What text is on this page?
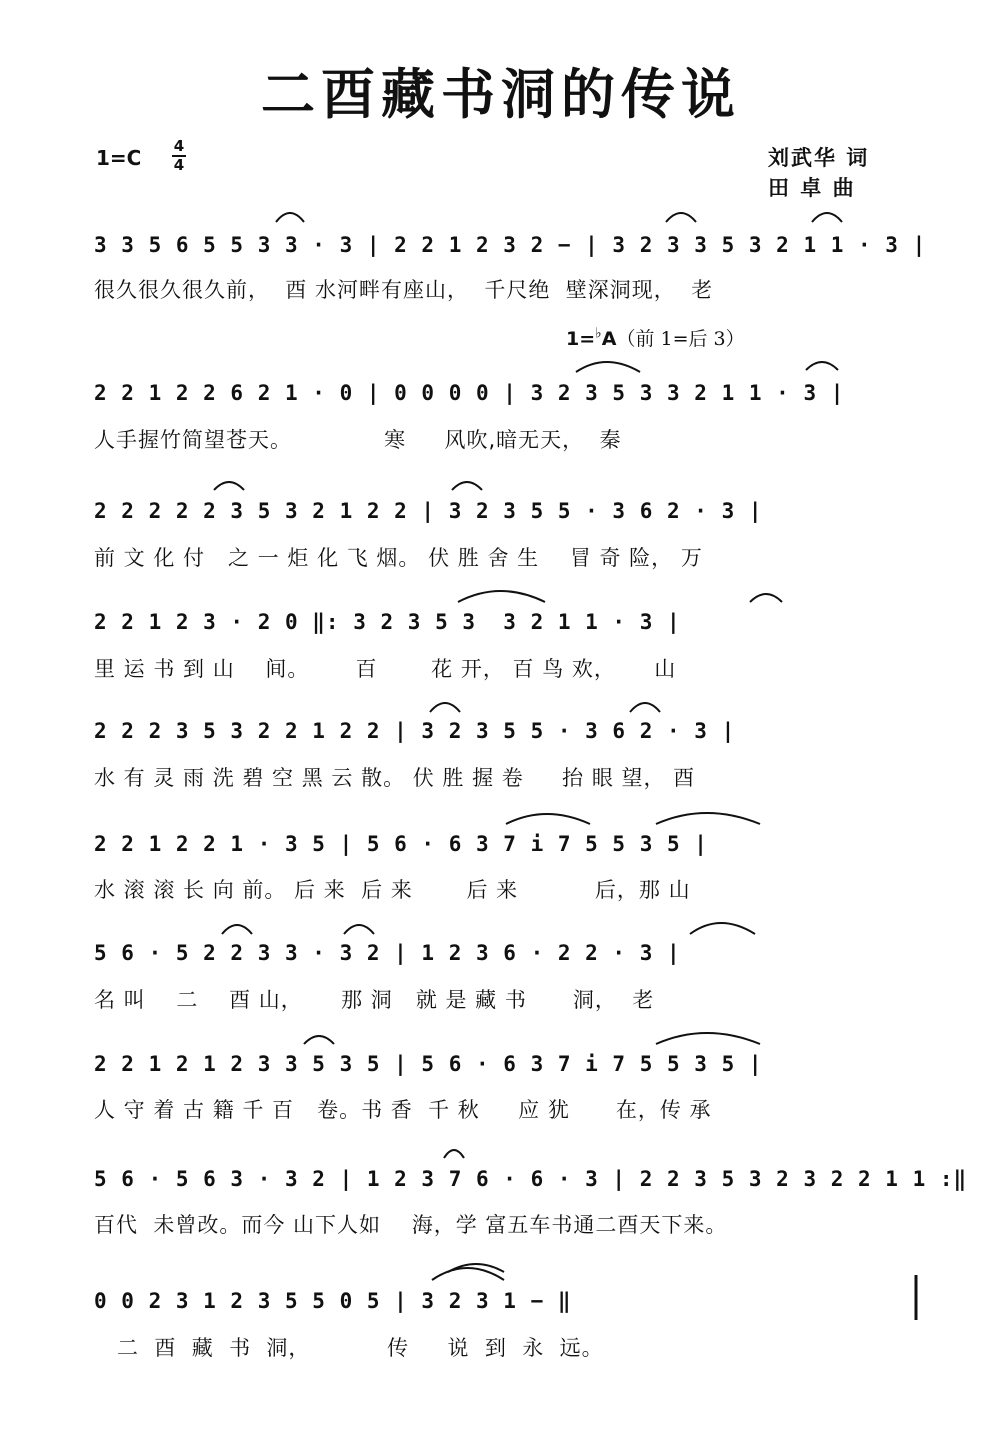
二酉藏书洞的传说
1=C 4
4	刘武华 词
田 卓 曲
1=♭A（前 1=后 3）
3 3 5 6 5 5 3 3 · 3 | 2 2 1 2 3 2 − | 3 2 3 3 5 3 2 1 1 · 3 |
很久很久很久前，  酉 水河畔有座山，  千尺绝  壁深洞现，  老
2 2 1 2 2 6 2 1 · 0 | 0 0 0 0 | 3 2 3 5 3 3 2 1 1 · 3 |
人手握竹简望苍天。            寒     风吹,暗无天，  秦
2 2 2 2 2 3 5 3 2 1 2 2 | 3 2 3 5 5 · 3 6 2 · 3 |
前 文 化 付   之 一 炬 化 飞 烟。 伏 胜 舍 生    冒 奇 险， 万
2 2 1 2 3 · 2 0 ‖: 3 2 3 5 3  3 2 1 1 · 3 |
里 运 书 到 山    间。      百       花 开， 百 鸟 欢，     山
2 2 2 3 5 3 2 2 1 2 2 | 3 2 3 5 5 · 3 6 2 · 3 |
水 有 灵 雨 洗 碧 空 黑 云 散。 伏 胜 握 卷     抬 眼 望， 酉
2 2 1 2 2 1 · 3 5 | 5 6 · 6 3 7 i 7 5 5 3 5 |
水 滚 滚 长 向 前。 后 来  后 来       后 来          后，那 山
5 6 · 5 2 2 3 3 · 3 2 | 1 2 3 6 · 2 2 · 3 |
名 叫    二    酉 山，     那 洞   就 是 藏 书      洞，  老
2 2 1 2 1 2 3 3 5 3 5 | 5 6 · 6 3 7 i 7 5 5 3 5 |
人 守 着 古 籍 千 百   卷。书 香  千 秋     应 犹      在，传 承
5 6 · 5 6 3 · 3 2 | 1 2 3 7 6 · 6 · 3 | 2 2 3 5 3 2 3 2 2 1 1 :‖
百代  未曾改。而今 山下人如    海，学 富五车书通二酉天下来。
0 0 2 3 1 2 3 5 5 0 5 | 3 2 3 1 − ‖
二  酉  藏  书  洞，          传     说  到  永  远。
